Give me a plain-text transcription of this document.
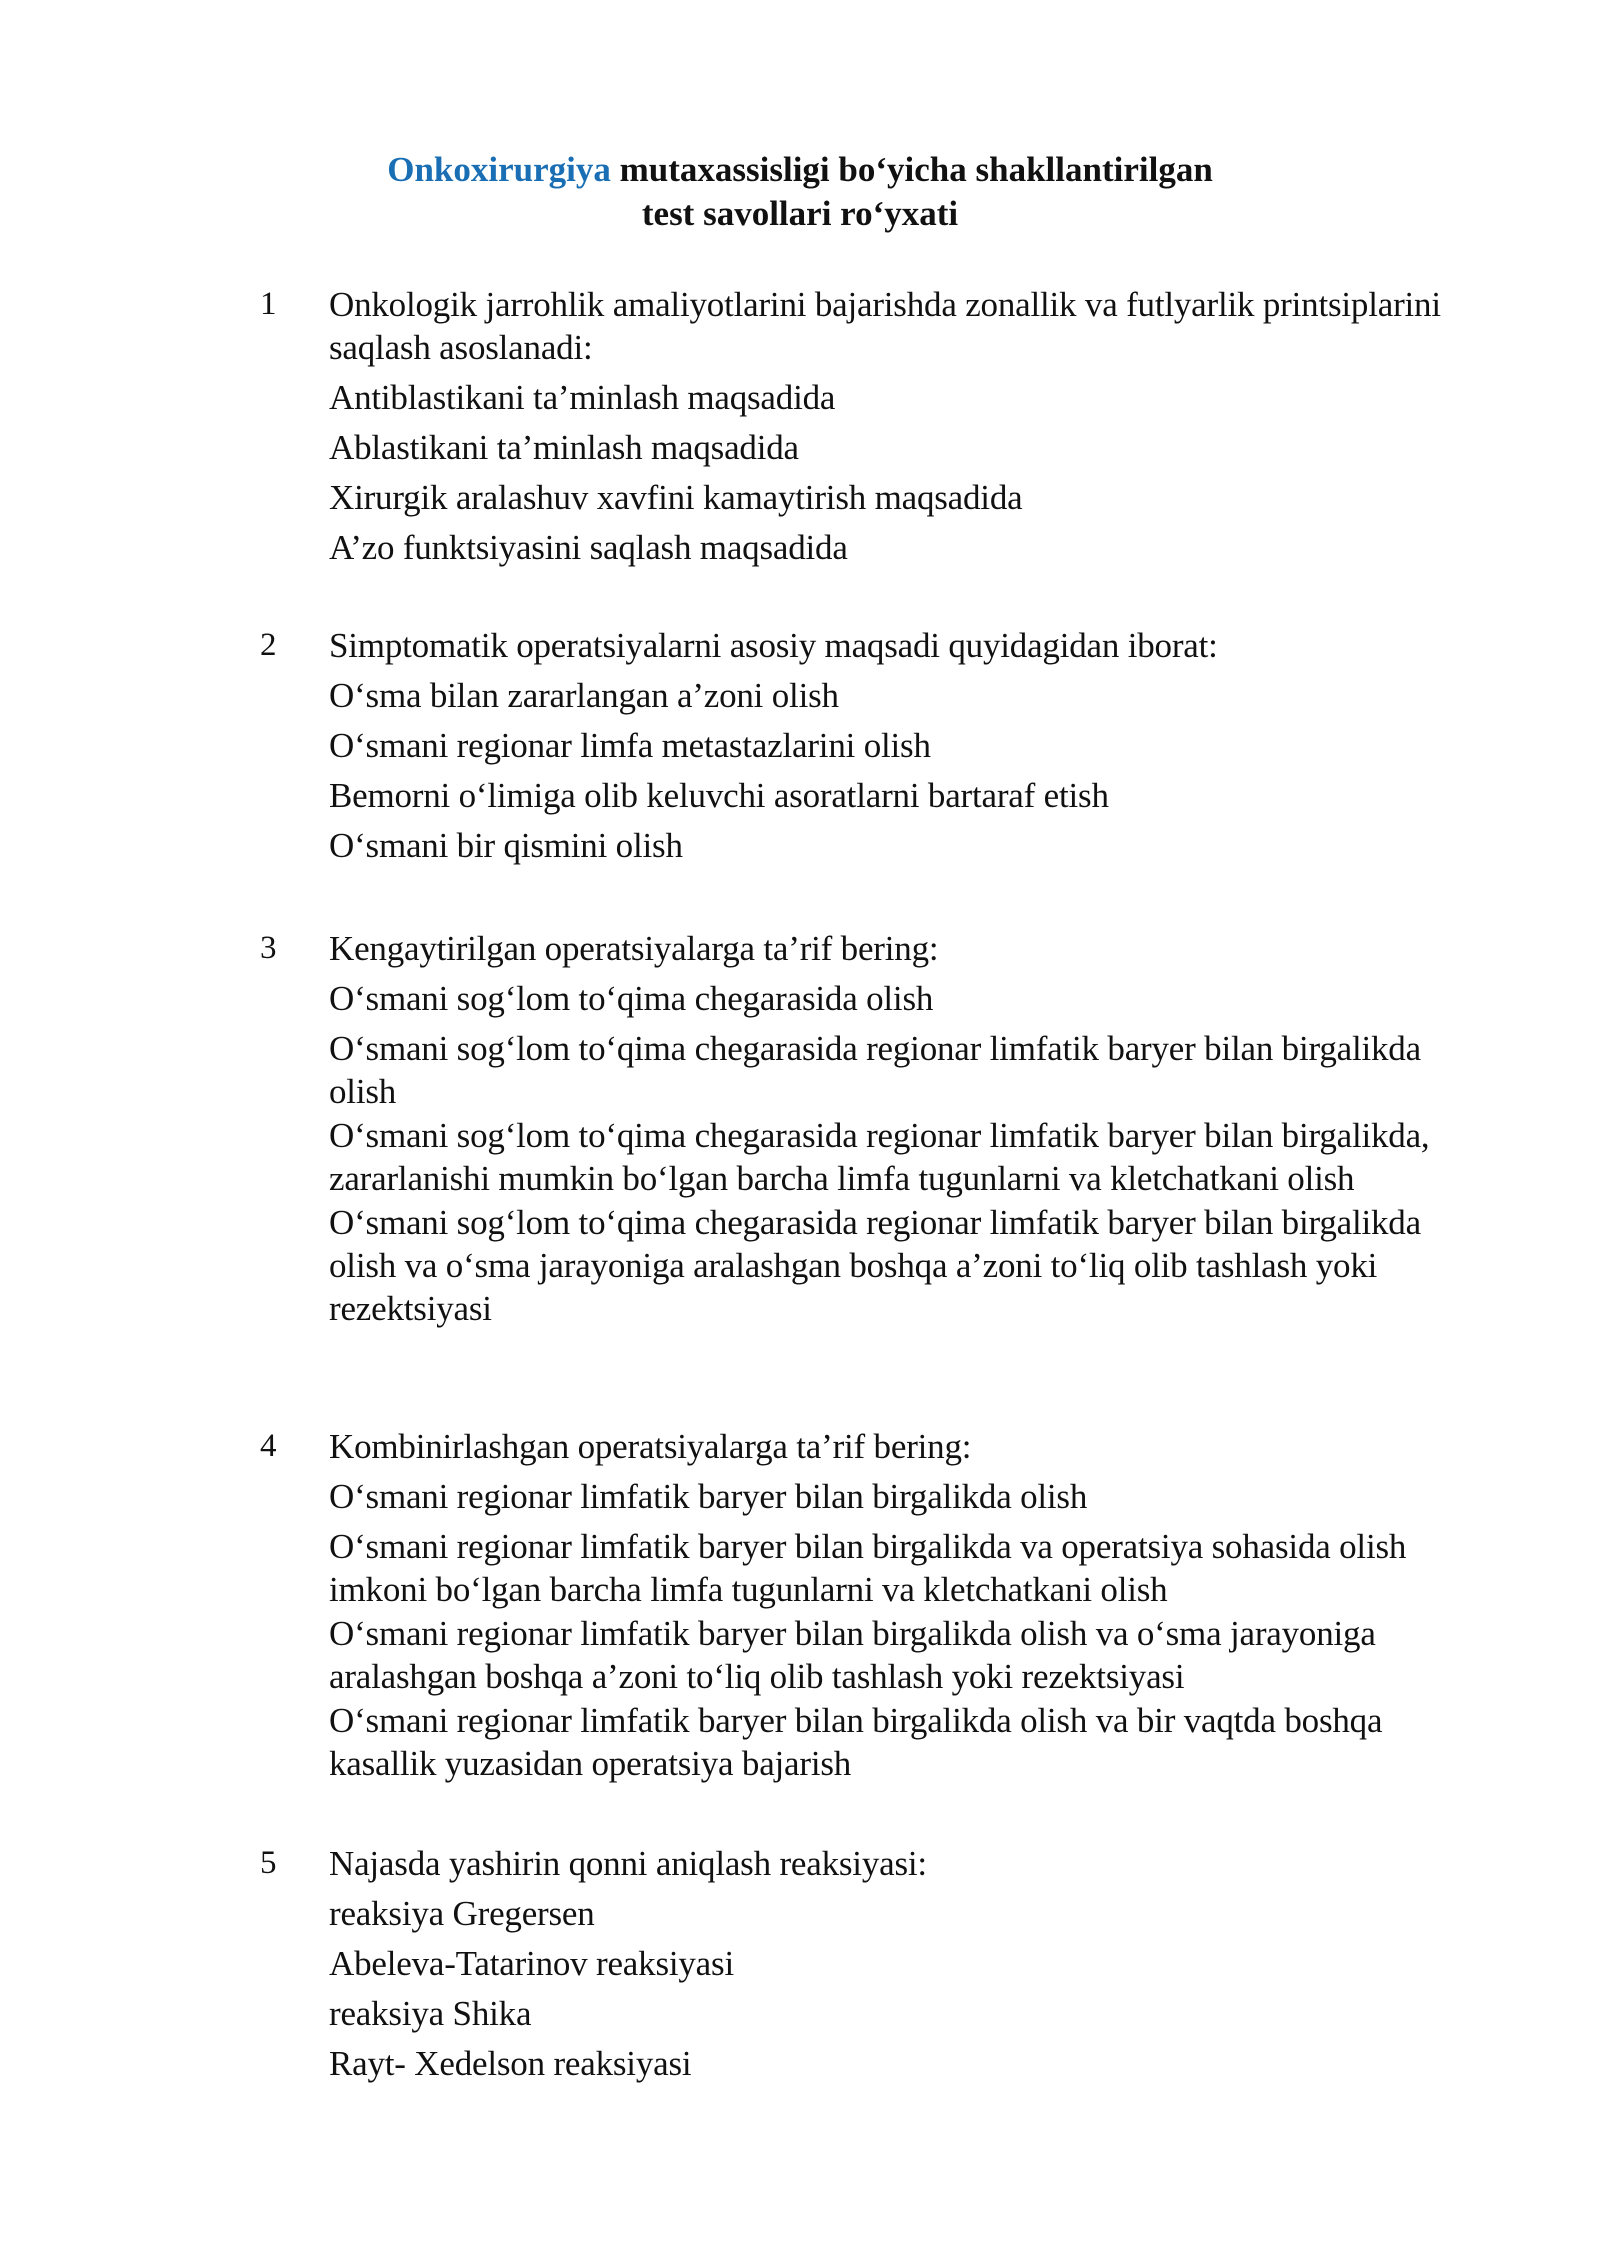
Onkoxirurgiya mutaxassisligi bo‘yicha shakllantirilgan
test savollari ro‘yxati
1 Onkologik jarrohlik amaliyotlarini bajarishda zonallik va futlyarlik printsiplarini saqlash asoslanadi:
Antiblastikani ta’minlash maqsadida
Ablastikani ta’minlash maqsadida
Xirurgik aralashuv xavfini kamaytirish maqsadida
A’zo funktsiyasini saqlash maqsadida
2 Simptomatik operatsiyalarni asosiy maqsadi quyidagidan iborat:
O‘sma bilan zararlangan a’zoni olish
O‘smani regionar limfa metastazlarini olish
Bemorni o‘limiga olib keluvchi asoratlarni bartaraf etish
O‘smani bir qismini olish
3 Kengaytirilgan operatsiyalarga ta’rif bering:
O‘smani sog‘lom to‘qima chegarasida olish
O‘smani sog‘lom to‘qima chegarasida regionar limfatik baryer bilan birgalikda olish
O‘smani sog‘lom to‘qima chegarasida regionar limfatik baryer bilan birgalikda, zararlanishi mumkin bo‘lgan barcha limfa tugunlarni va kletchatkani olish
O‘smani sog‘lom to‘qima chegarasida regionar limfatik baryer bilan birgalikda olish va o‘sma jarayoniga aralashgan boshqa a’zoni to‘liq olib tashlash yoki rezektsiyasi
4 Kombinirlashgan operatsiyalarga ta’rif bering:
O‘smani regionar limfatik baryer bilan birgalikda olish
O‘smani regionar limfatik baryer bilan birgalikda va operatsiya sohasida olish imkoni bo‘lgan barcha limfa tugunlarni va kletchatkani olish
O‘smani regionar limfatik baryer bilan birgalikda olish va o‘sma jarayoniga aralashgan boshqa a’zoni to‘liq olib tashlash yoki rezektsiyasi
O‘smani regionar limfatik baryer bilan birgalikda olish va bir vaqtda boshqa kasallik yuzasidan operatsiya bajarish
5 Najasda yashirin qonni aniqlash reaksiyasi:
reaksiya Gregersen
Abeleva-Tatarinov reaksiyasi
reaksiya Shika
Rayt- Xedelson reaksiyasi
